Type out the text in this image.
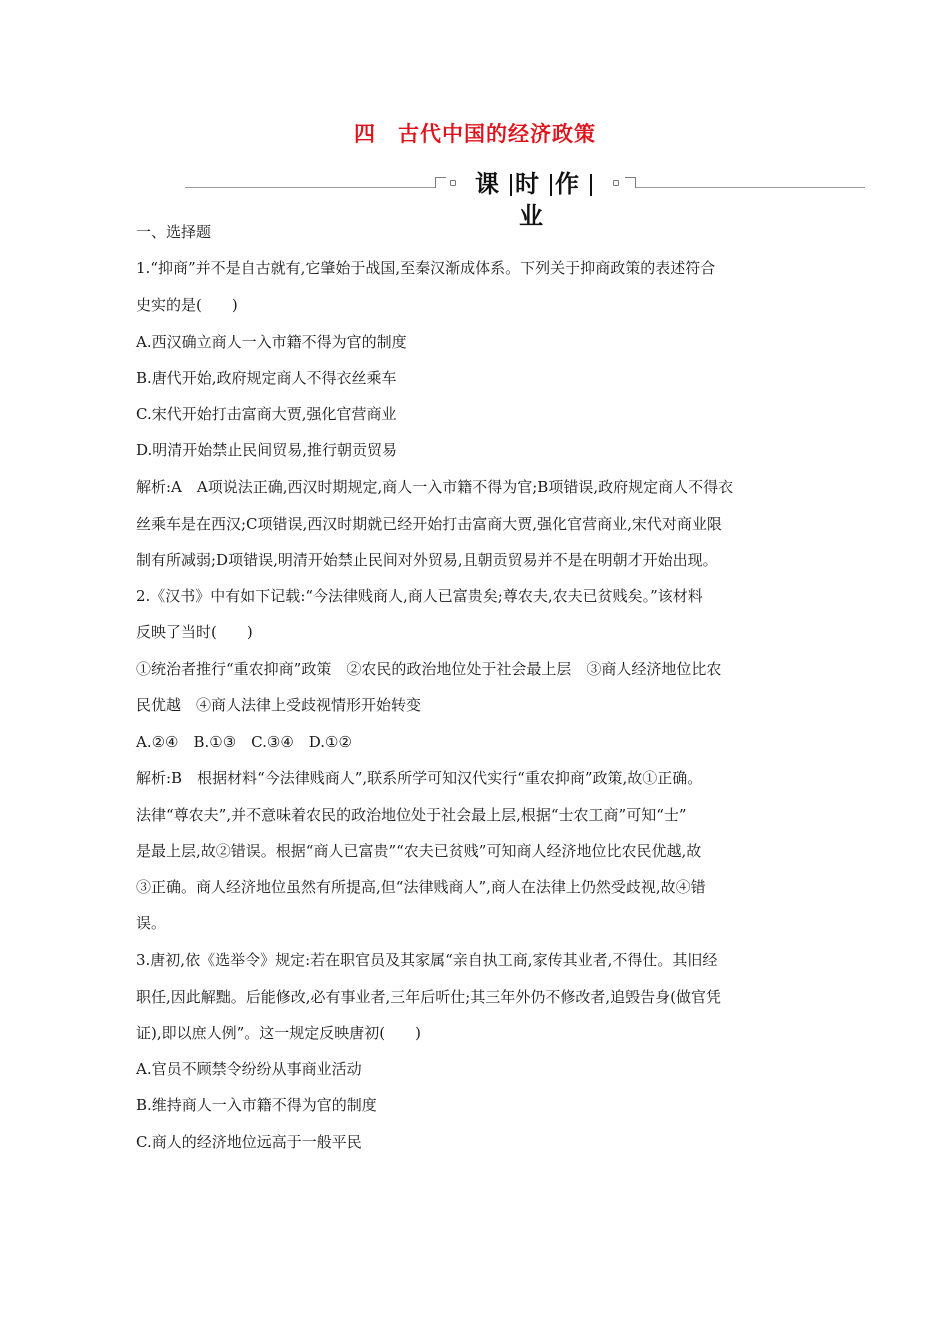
四 古代中国的经济政策
课 时 作业
一、选择题
1.“抑商”并不是自古就有,它肇始于战国,至秦汉渐成体系。下列关于抑商政策的表述符合
史实的是(　　)
A.西汉确立商人一入市籍不得为官的制度
B.唐代开始,政府规定商人不得衣丝乘车
C.宋代开始打击富商大贾,强化官营商业
D.明清开始禁止民间贸易,推行朝贡贸易
解析:A　A项说法正确,西汉时期规定,商人一入市籍不得为官;B项错误,政府规定商人不得衣
丝乘车是在西汉;C项错误,西汉时期就已经开始打击富商大贾,强化官营商业,宋代对商业限
制有所减弱;D项错误,明清开始禁止民间对外贸易,且朝贡贸易并不是在明朝才开始出现。
2.《汉书》中有如下记载:“今法律贱商人,商人已富贵矣;尊农夫,农夫已贫贱矣。”该材料
反映了当时(　　)
①统治者推行“重农抑商”政策　②农民的政治地位处于社会最上层　③商人经济地位比农
民优越　④商人法律上受歧视情形开始转变
A.②④　B.①③　C.③④　D.①②
解析:B　根据材料“今法律贱商人”,联系所学可知汉代实行“重农抑商”政策,故①正确。
法律“尊农夫”,并不意味着农民的政治地位处于社会最上层,根据“士农工商”可知“士”
是最上层,故②错误。根据“商人已富贵”“农夫已贫贱”可知商人经济地位比农民优越,故
③正确。商人经济地位虽然有所提高,但“法律贱商人”,商人在法律上仍然受歧视,故④错
误。
3.唐初,依《选举令》规定:若在职官员及其家属“亲自执工商,家传其业者,不得仕。其旧经
职任,因此解黜。后能修改,必有事业者,三年后听仕;其三年外仍不修改者,追毁告身(做官凭
证),即以庶人例”。这一规定反映唐初(　　)
A.官员不顾禁令纷纷从事商业活动
B.维持商人一入市籍不得为官的制度
C.商人的经济地位远高于一般平民
